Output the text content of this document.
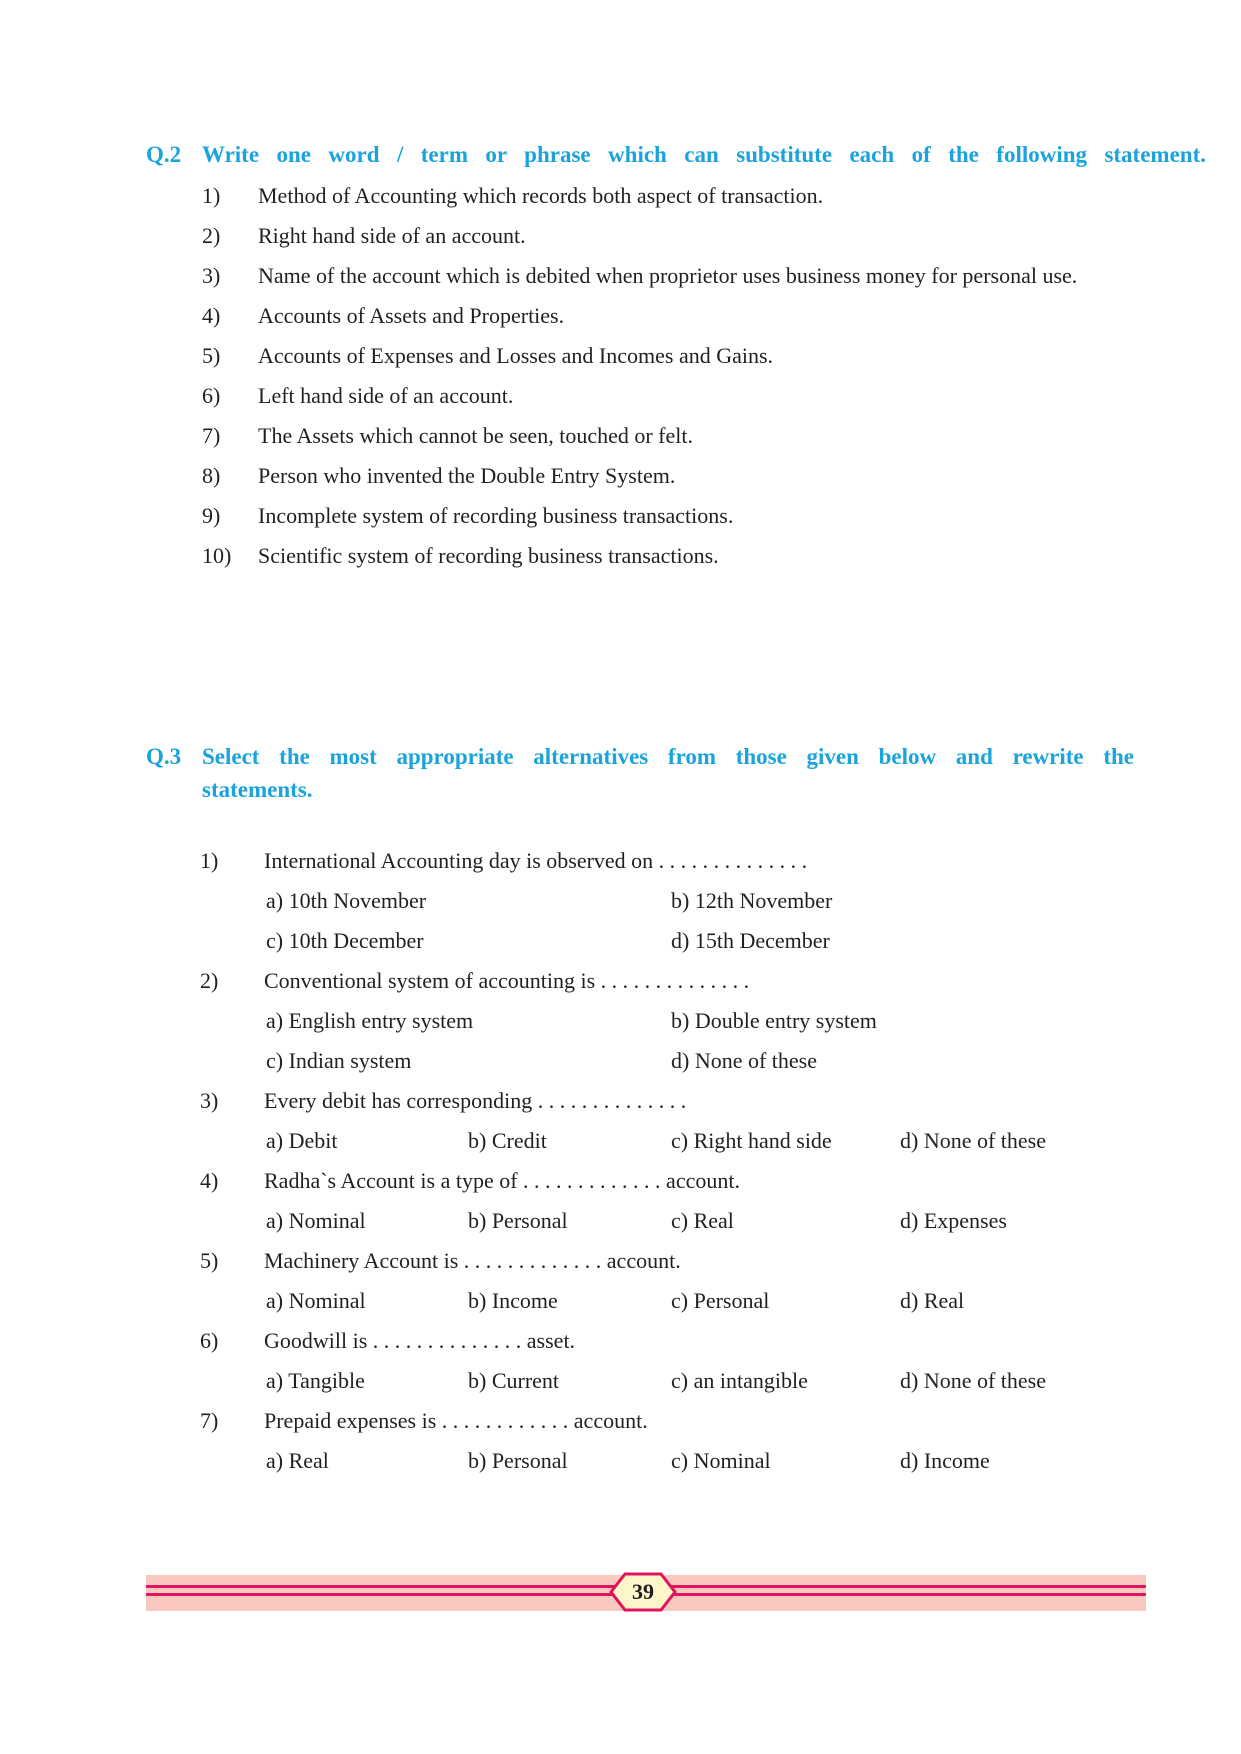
Q.2 Write one word / term or phrase which can substitute each of the following statement.
1) Method of Accounting which records both aspect of transaction.
2) Right hand side of an account.
3) Name of the account which is debited when proprietor uses business money for personal use.
4) Accounts of Assets and Properties.
5) Accounts of Expenses and Losses and Incomes and Gains.
6) Left hand side of an account.
7) The Assets which cannot be seen, touched or felt.
8) Person who invented the Double Entry System.
9) Incomplete system of recording business transactions.
10) Scientific system of recording business transactions.
Q.3 Select the most appropriate alternatives from those given below and rewrite the
statements.
1) International Accounting day is observed on . . . . . . . . . . . . . .
a) 10th November	b) 12th November
c) 10th December	d) 15th December
2) Conventional system of accounting is . . . . . . . . . . . . . .
a) English entry system	b) Double entry system
c) Indian system	d) None of these
3) Every debit has corresponding . . . . . . . . . . . . . .
a) Debit	b) Credit	c) Right hand side	d) None of these
4) Radha`s Account is a type of . . . . . . . . . . . . . account.
a) Nominal	b) Personal	c) Real	d) Expenses
5) Machinery Account is . . . . . . . . . . . . . account.
a) Nominal	b) Income	c) Personal	d) Real
6) Goodwill is . . . . . . . . . . . . . . asset.
a) Tangible	b) Current	c) an intangible	d) None of these
7) Prepaid expenses is . . . . . . . . . . . . account.
a) Real	b) Personal	c) Nominal	d) Income
39
